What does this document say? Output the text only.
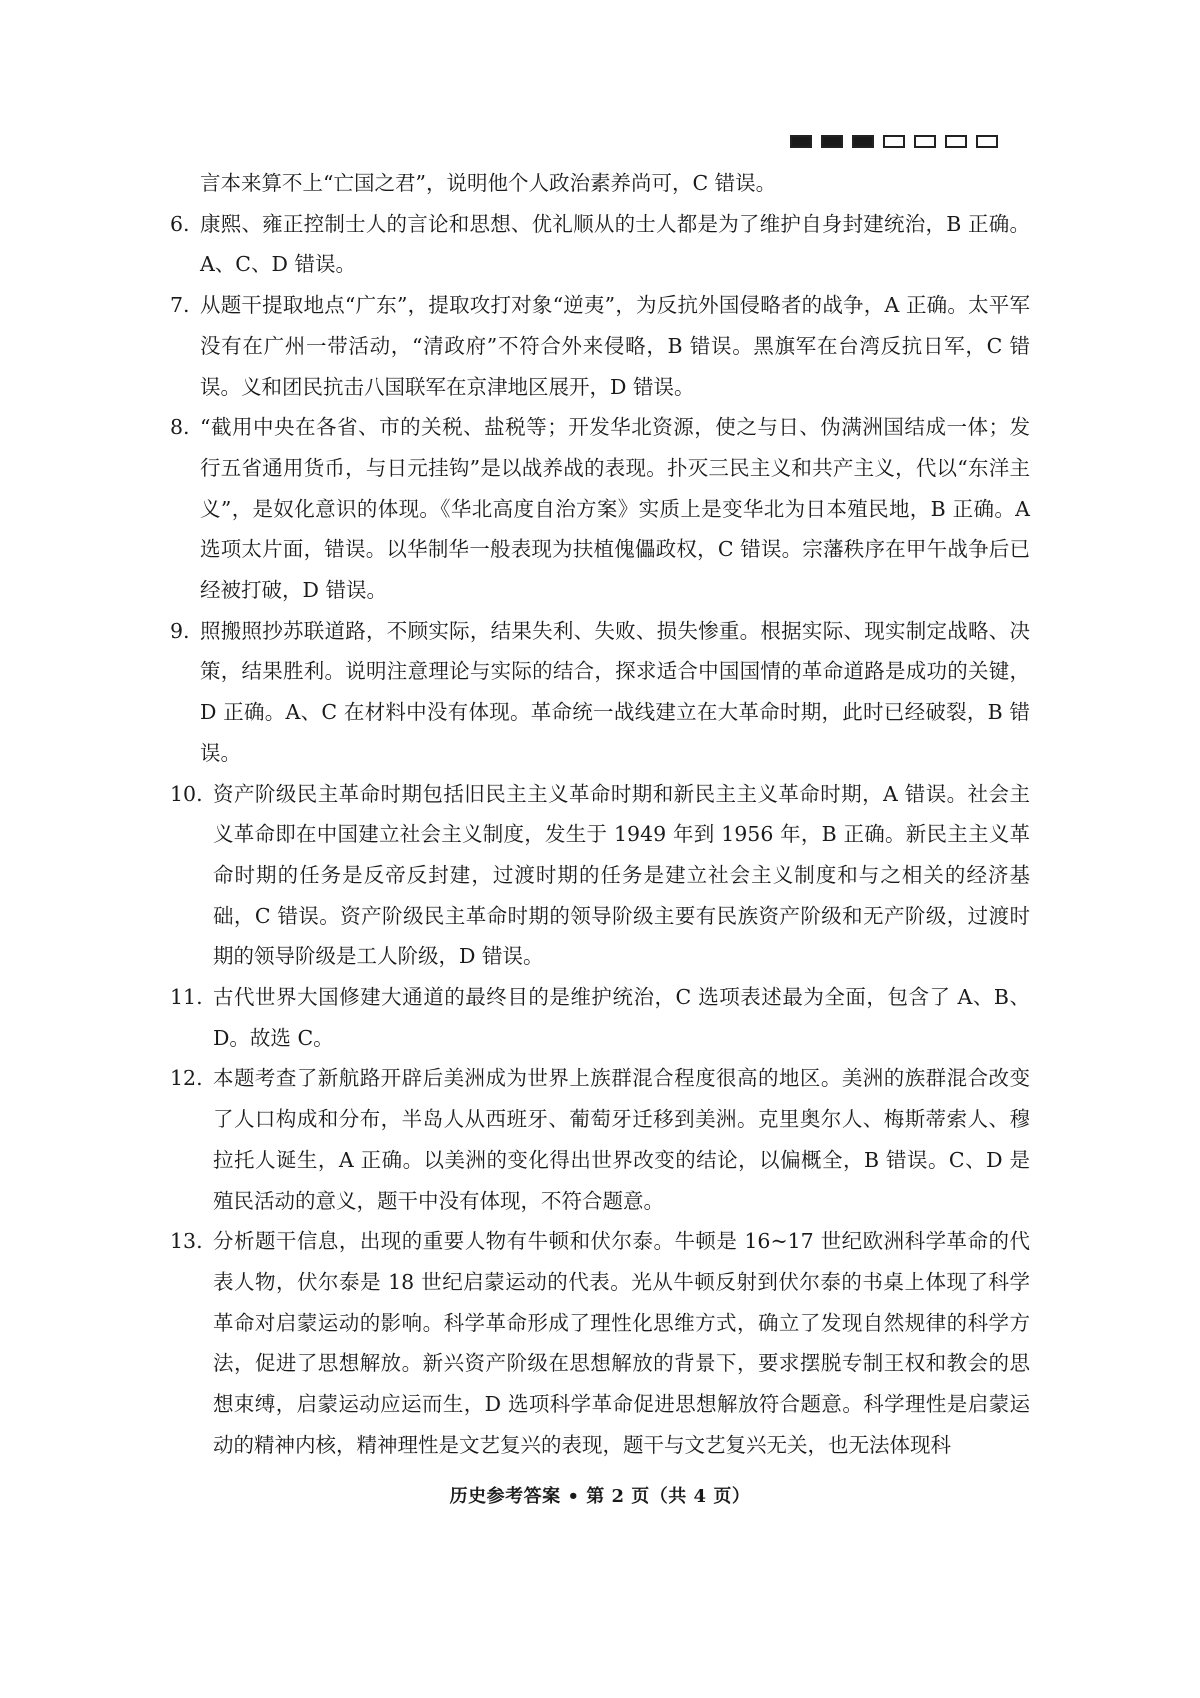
言本来算不上“亡国之君”，说明他个人政治素养尚可，C 错误。
6. 康熙、雍正控制士人的言论和思想、优礼顺从的士人都是为了维护自身封建统治，B 正确。A、C、D 错误。
7. 从题干提取地点“广东”，提取攻打对象“逆夷”，为反抗外国侵略者的战争，A 正确。太平军没有在广州一带活动，“清政府”不符合外来侵略，B 错误。黑旗军在台湾反抗日军，C 错误。义和团民抗击八国联军在京津地区展开，D 错误。
8. “截用中央在各省、市的关税、盐税等；开发华北资源，使之与日、伪满洲国结成一体；发行五省通用货币，与日元挂钩”是以战养战的表现。扑灭三民主义和共产主义，代以“东洋主义”，是奴化意识的体现。《华北高度自治方案》实质上是变华北为日本殖民地，B 正确。A 选项太片面，错误。以华制华一般表现为扶植傀儡政权，C 错误。宗藩秩序在甲午战争后已经被打破，D 错误。
9. 照搬照抄苏联道路，不顾实际，结果失利、失败、损失惨重。根据实际、现实制定战略、决策，结果胜利。说明注意理论与实际的结合，探求适合中国国情的革命道路是成功的关键，D 正确。A、C 在材料中没有体现。革命统一战线建立在大革命时期，此时已经破裂，B 错误。
10. 资产阶级民主革命时期包括旧民主主义革命时期和新民主主义革命时期，A 错误。社会主义革命即在中国建立社会主义制度，发生于 1949 年到 1956 年，B 正确。新民主主义革命时期的任务是反帝反封建，过渡时期的任务是建立社会主义制度和与之相关的经济基础，C 错误。资产阶级民主革命时期的领导阶级主要有民族资产阶级和无产阶级，过渡时期的领导阶级是工人阶级，D 错误。
11. 古代世界大国修建大通道的最终目的是维护统治，C 选项表述最为全面，包含了 A、B、D。故选 C。
12. 本题考查了新航路开辟后美洲成为世界上族群混合程度很高的地区。美洲的族群混合改变了人口构成和分布，半岛人从西班牙、葡萄牙迁移到美洲。克里奥尔人、梅斯蒂索人、穆拉托人诞生，A 正确。以美洲的变化得出世界改变的结论，以偏概全，B 错误。C、D 是殖民活动的意义，题干中没有体现，不符合题意。
13. 分析题干信息，出现的重要人物有牛顿和伏尔泰。牛顿是 16~17 世纪欧洲科学革命的代表人物，伏尔泰是 18 世纪启蒙运动的代表。光从牛顿反射到伏尔泰的书桌上体现了科学革命对启蒙运动的影响。科学革命形成了理性化思维方式，确立了发现自然规律的科学方法，促进了思想解放。新兴资产阶级在思想解放的背景下，要求摆脱专制王权和教会的思想束缚，启蒙运动应运而生，D 选项科学革命促进思想解放符合题意。科学理性是启蒙运动的精神内核，精神理性是文艺复兴的表现，题干与文艺复兴无关，也无法体现科
历史参考答案 • 第 2 页（共 4 页）
